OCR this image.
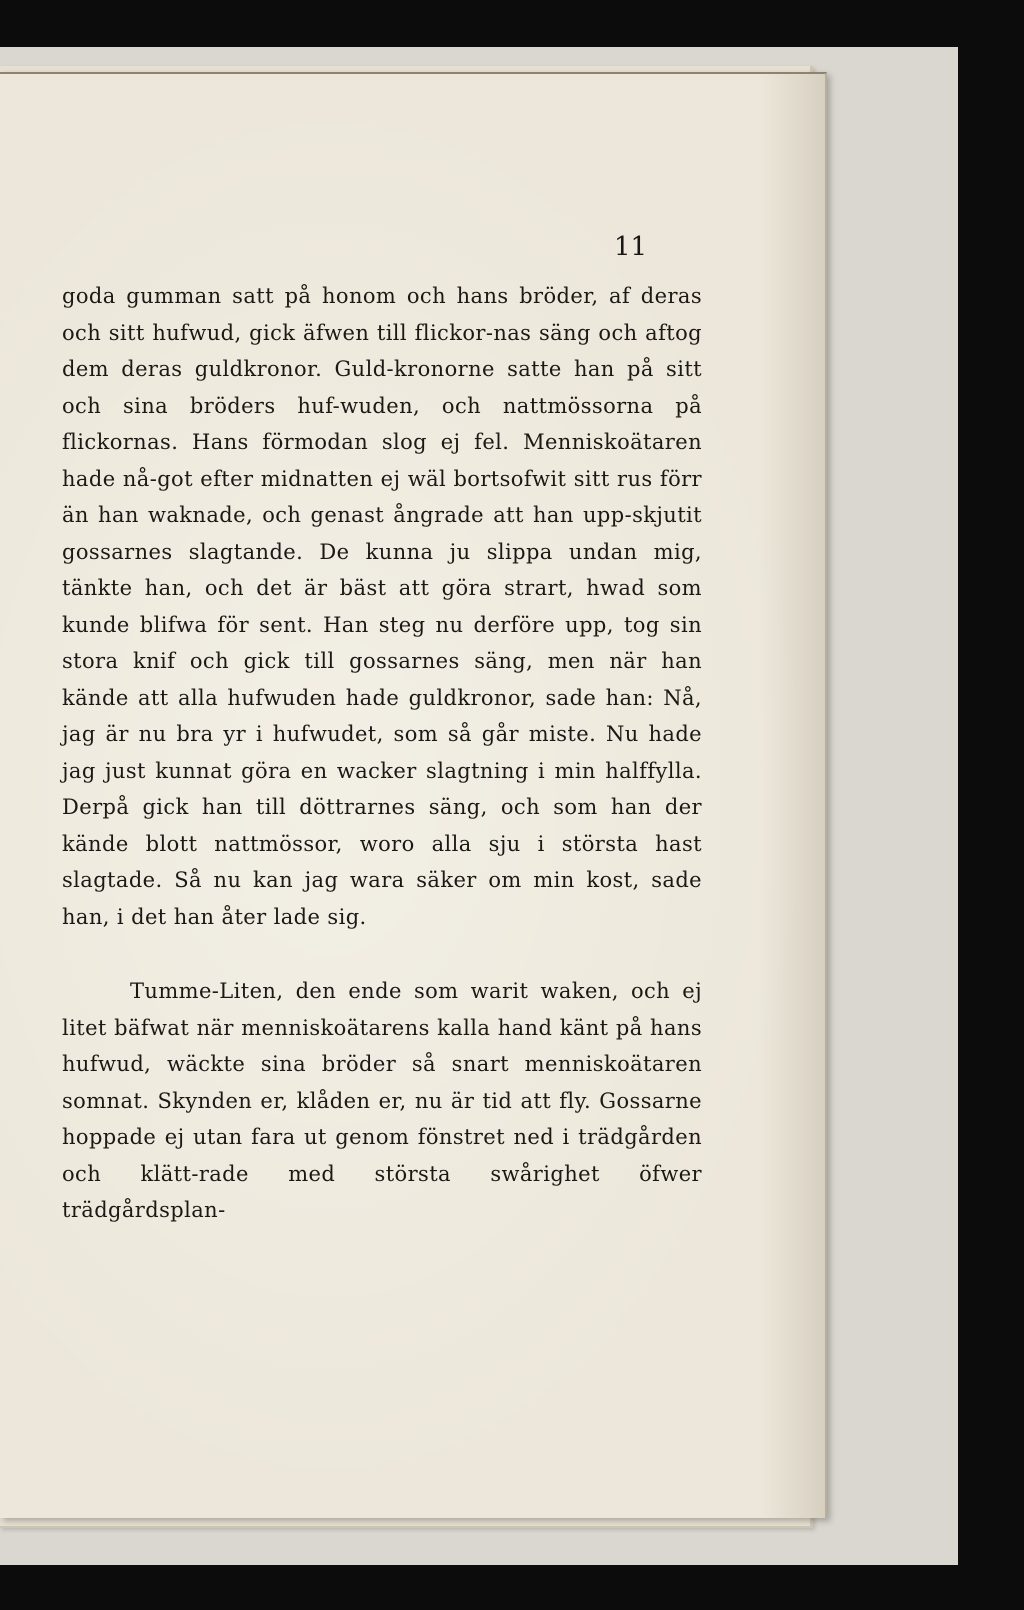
11

goda gumman satt på honom och hans bröder, af deras och sitt hufwud, gick äfwen till flickor-nas säng och aftog dem deras guldkronor. Guld-kronorne satte han på sitt och sina bröders huf-wuden, och nattmössorna på flickornas. Hans förmodan slog ej fel. Menniskoätaren hade nå-got efter midnatten ej wäl bortsofwit sitt rus förr än han waknade, och genast ångrade att han upp-skjutit gossarnes slagtande. De kunna ju slippa undan mig, tänkte han, och det är bäst att göra strart, hwad som kunde blifwa för sent. Han steg nu derföre upp, tog sin stora knif och gick till gossarnes säng, men när han kände att alla hufwuden hade guldkronor, sade han: Nå, jag är nu bra yr i hufwudet, som så går miste. Nu hade jag just kunnat göra en wacker slagtning i min halffylla. Derpå gick han till döttrarnes säng, och som han der kände blott nattmössor, woro alla sju i största hast slagtade. Så nu kan jag wara säker om min kost, sade han, i det han åter lade sig.

Tumme-Liten, den ende som warit waken, och ej litet bäfwat när menniskoätarens kalla hand känt på hans hufwud, wäckte sina bröder så snart menniskoätaren somnat. Skynden er, klåden er, nu är tid att fly. Gossarne hoppade ej utan fara ut genom fönstret ned i trädgården och klätt-rade med största swårighet öfwer trädgårdsplan-
